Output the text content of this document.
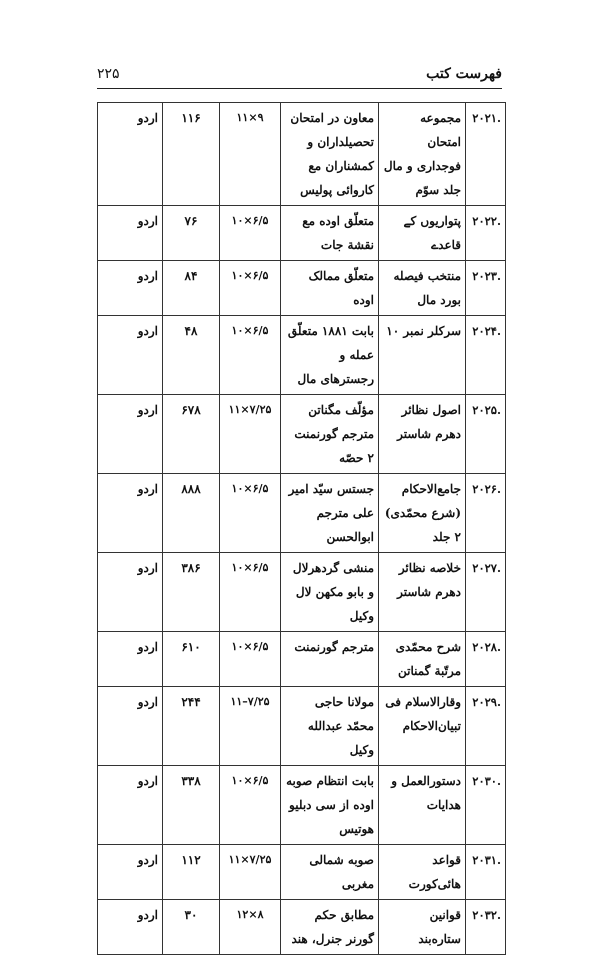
۲۲۵	فهرست کتب
.۲۰۲۱	مجموعه امتحان فوجداری و مال جلد سوّم	معاون در امتحان تحصیلداران و کمشناران مع کاروائی پولیس	۹×۱۱	۱۱۶	اردو
.۲۰۲۲	پتواریوں کے قاعدے	متعلّق اوده مع نقشة جات	۶/۵×۱۰	۷۶	اردو
.۲۰۲۳	منتخب فیصله بورد مال	متعلّق ممالک اوده	۶/۵×۱۰	۸۴	اردو
.۲۰۲۴	سرکلر نمبر ۱۰	بابت ۱۸۸۱ متعلّق عمله و رجسترهای مال	۶/۵×۱۰	۴۸	اردو
.۲۰۲۵	اصول نظائر دهرم شاستر	مؤلّف مگناتن مترجم گورنمنت ۲ حصّه	۷/۲۵×۱۱	۶۷۸	اردو
.۲۰۲۶	جامع‌الاحکام (شرع محمّدی) ۲ جلد	جستس سیّد امیر علی مترجم ابوالحسن	۶/۵×۱۰	۸۸۸	اردو
.۲۰۲۷	خلاصه نظائر دهرم شاستر	منشی گردهرلال و بابو مکهن لال وکیل	۶/۵×۱۰	۳۸۶	اردو
.۲۰۲۸	شرح محمّدی مرتّبة گمناتن	مترجم گورنمنت	۶/۵×۱۰	۶۱۰	اردو
.۲۰۲۹	وقارالاسلام فی تبیان‌الاحکام	مولانا حاجی محمّد عبدالله وکیل	۷/۲۵–۱۱	۲۴۴	اردو
.۲۰۳۰	دستورالعمل و هدایات	بابت انتظام صوبه اوده از سی دبلیو هوتیس	۶/۵×۱۰	۳۳۸	اردو
.۲۰۳۱	قواعد هائی‌کورت	صوبه شمالی مغربی	۷/۲۵×۱۱	۱۱۲	اردو
.۲۰۳۲	قوانین ستاره‌بند	مطابق حکم گورنر جنرل، هند	۸×۱۲	۳۰	اردو
